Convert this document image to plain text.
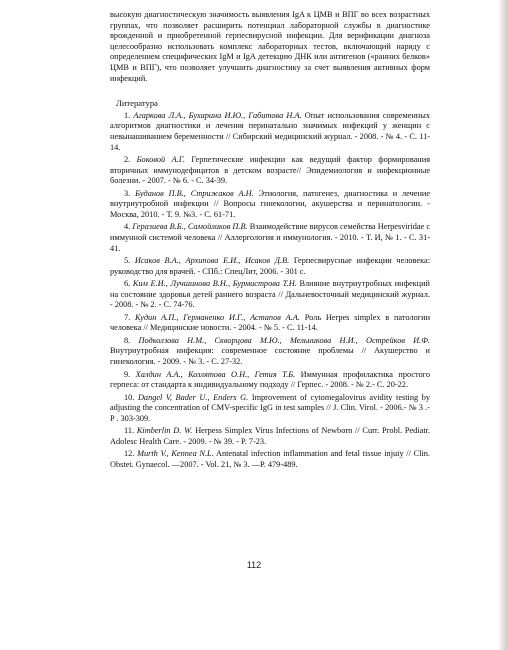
высокую диагностическую значимость выявления IgA к ЦМВ и ВПГ во всех возрастных группах, что позволяет расширить потенциал лабораторной службы в диагностике врожденной и приобретенной герпесвирусной инфекции. Для верификации диагноза целесообразно использовать комплекс лабораторных тестов, включающий наряду с определением специфических IgM и IgA детекцию ДНК или антигенов («ранних белков» ЦМВ и ВПГ), что позволяет улучшить диагностику за счет выявления активных форм инфекций.

Литература
1. Агаркова Л.А., Бухарина И.Ю., Габитова Н.А. Опыт использования современных алгоритмов диагностики и лечения перинатально значимых инфекций у женщин с невынашиванием беременности // Сибирский медицинский журнал. - 2008. - № 4. - С. 11-14.
2. Боковой А.Г. Герпетические инфекции как ведущий фактор формирования вторичных иммунодефицитов в детском возрасте// Эпидемиология и инфекционные болезни. - 2007. - № 6. - С. 34-39.
3. Буданов П.В., Стрижаков А.Н. Этиология, патогенез, диагностика и лечение внутриутробной инфекции // Вопросы гинекологии, акушерства и перинатологии. - Москва, 2010. - Т. 9. №3. - С. 61-71.
4. Геразиева В.Б., Самойликов П.В. Взаимодействие вирусов семейства Herpesviridae с иммунной системой человека // Аллергология и иммунология. - 2010. - Т. И, № 1. - С. 31-41.
5. Исаков В.А., Архипова Е.И., Исаков Д.В. Герпесвирусные инфекции человека: руководство для врачей. - СПб.: СпецЛит, 2006. - 301 с.
6. Ким Е.И., Лучшинова В.Н., Бурмистрова Т.Н. Влияние внутриутробных инфекций на состояние здоровья детей раннего возраста // Дальневосточный медицинский журнал. - 2008. - № 2. - С. 74-76.
7. Кудин А.П., Германенко И.Г., Астапов А.А. Роль Herpes simplex в патологии человека // Медицинские новости. - 2004. - № 5. - С. 11-14.
8. Подколзова Н.М., Скворцова М.Ю., Мельникова Н.И., Острейков И.Ф. Внутриутробная инфекция: современное состояние проблемы // Акушерство и гинекология. - 2009. - № 3. - С. 27-32.
9. Халдин А.А., Козлятова О.Н., Гетия Т.Б. Иммунная профилактика простого герпеса: от стандарта к индивидуальному подходу // Герпес. - 2008. - № 2.- С. 20-22.
10. Dangel V, Bader U., Enders G. Improvement of cytomegalovirus avidity testing by adjusting the concentration of CMV-specific IgG in test samples // J. Clin. Virol. - 2006.- № 3 .- P . 303-309.
11. Kimberlin D. W. Herpess Simplex Virus Infections of Newborn // Curr. Probl. Pediatr. Adolesc Health Care. - 2009. - № 39. - P. 7-23.
12. Murth V., Kennea N.L. Antenatal infection inflammation and fetal tissue injuiy // Clin. Obstet. Gynaecol. —2007. - Vol. 21, № 3. —P. 479-489.
112
